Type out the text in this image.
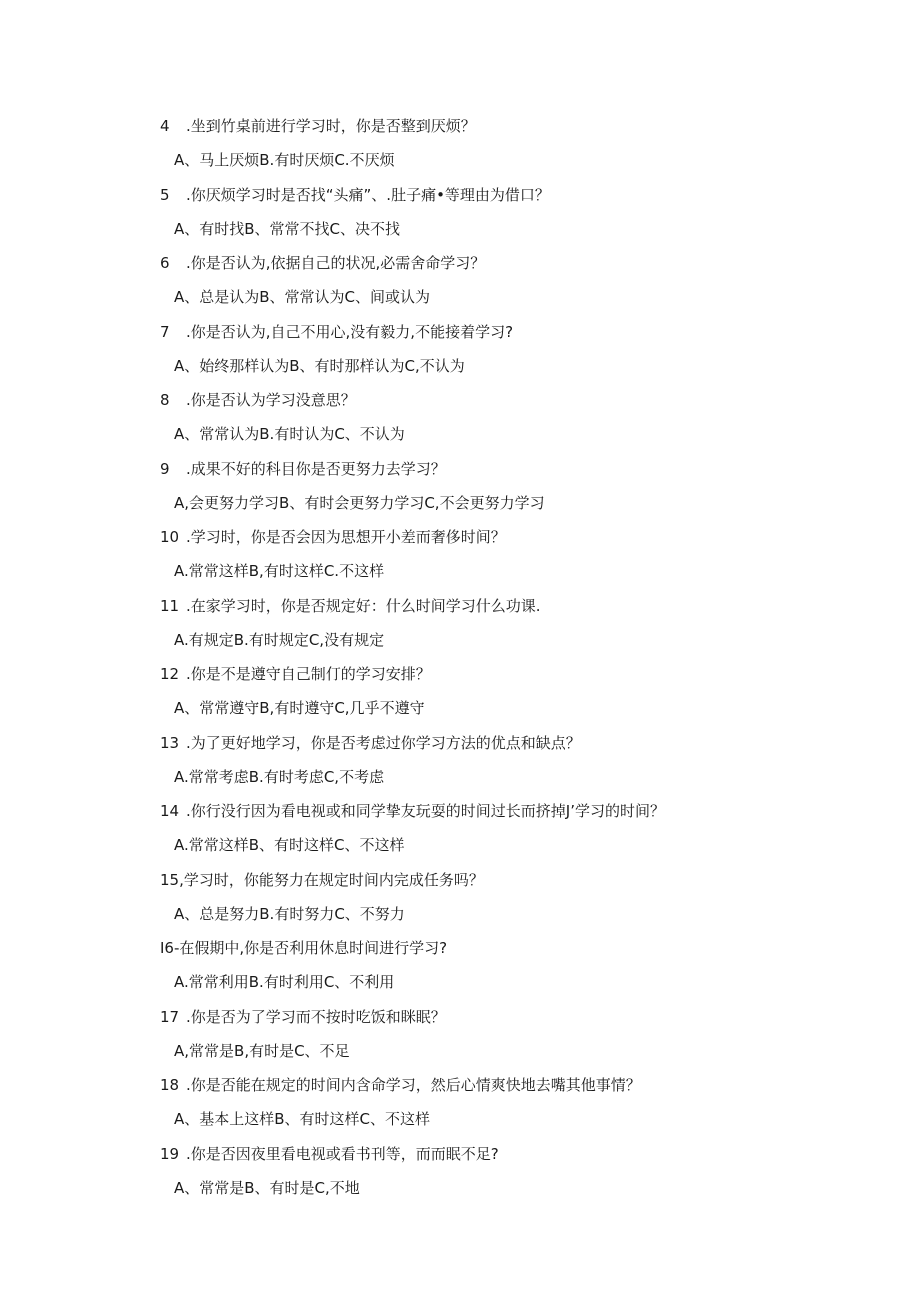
4 .坐到竹桌前进行学习时，你是否整到厌烦？
A、马上厌烦B.有时厌烦C.不厌烦
5 .你厌烦学习时是否找“头痛”、.肚子痛•等理由为借口？
A、有时找B、常常不找C、决不找
6 .你是否认为,依据自己的状况,必需舍命学习？
A、总是认为B、常常认为C、间或认为
7 .你是否认为,自己不用心,没有毅力,不能接着学习?
A、始终那样认为B、有时那样认为C,不认为
8 .你是否认为学习没意思？
A、常常认为B.有时认为C、不认为
9 .成果不好的科目你是否更努力去学习？
A,会更努力学习B、有时会更努力学习C,不会更努力学习
10 .学习时，你是否会因为思想开小差而奢侈时间？
A.常常这样B,有时这样C.不这样
11 .在家学习时，你是否规定好：什么时间学习什么功课.
A.有规定B.有时规定C,没有规定
12 .你是不是遵守自己制仃的学习安排？
A、常常遵守B,有时遵守C,几乎不遵守
13 .为了更好地学习，你是否考虑过你学习方法的优点和缺点？
A.常常考虑B.有时考虑C,不考虑
14 .你行没行因为看电视或和同学挚友玩耍的时间过长而挤掉J’学习的时间？
A.常常这样B、有时这样C、不这样
15,学习时，你能努力在规定时间内完成任务吗？
A、总是努力B.有时努力C、不努力
I6-在假期中,你是否利用休息时间进行学习?
A.常常利用B.有时利用C、不利用
17 .你是否为了学习而不按时吃饭和眯眠？
A,常常是B,有时是C、不足
18 .你是否能在规定的时间内含命学习，然后心情爽快地去嘴其他事情？
A、基本上这样B、有时这样C、不这样
19 .你是否因夜里看电视或看书刊等，而而眠不足?
A、常常是B、有时是C,不地
